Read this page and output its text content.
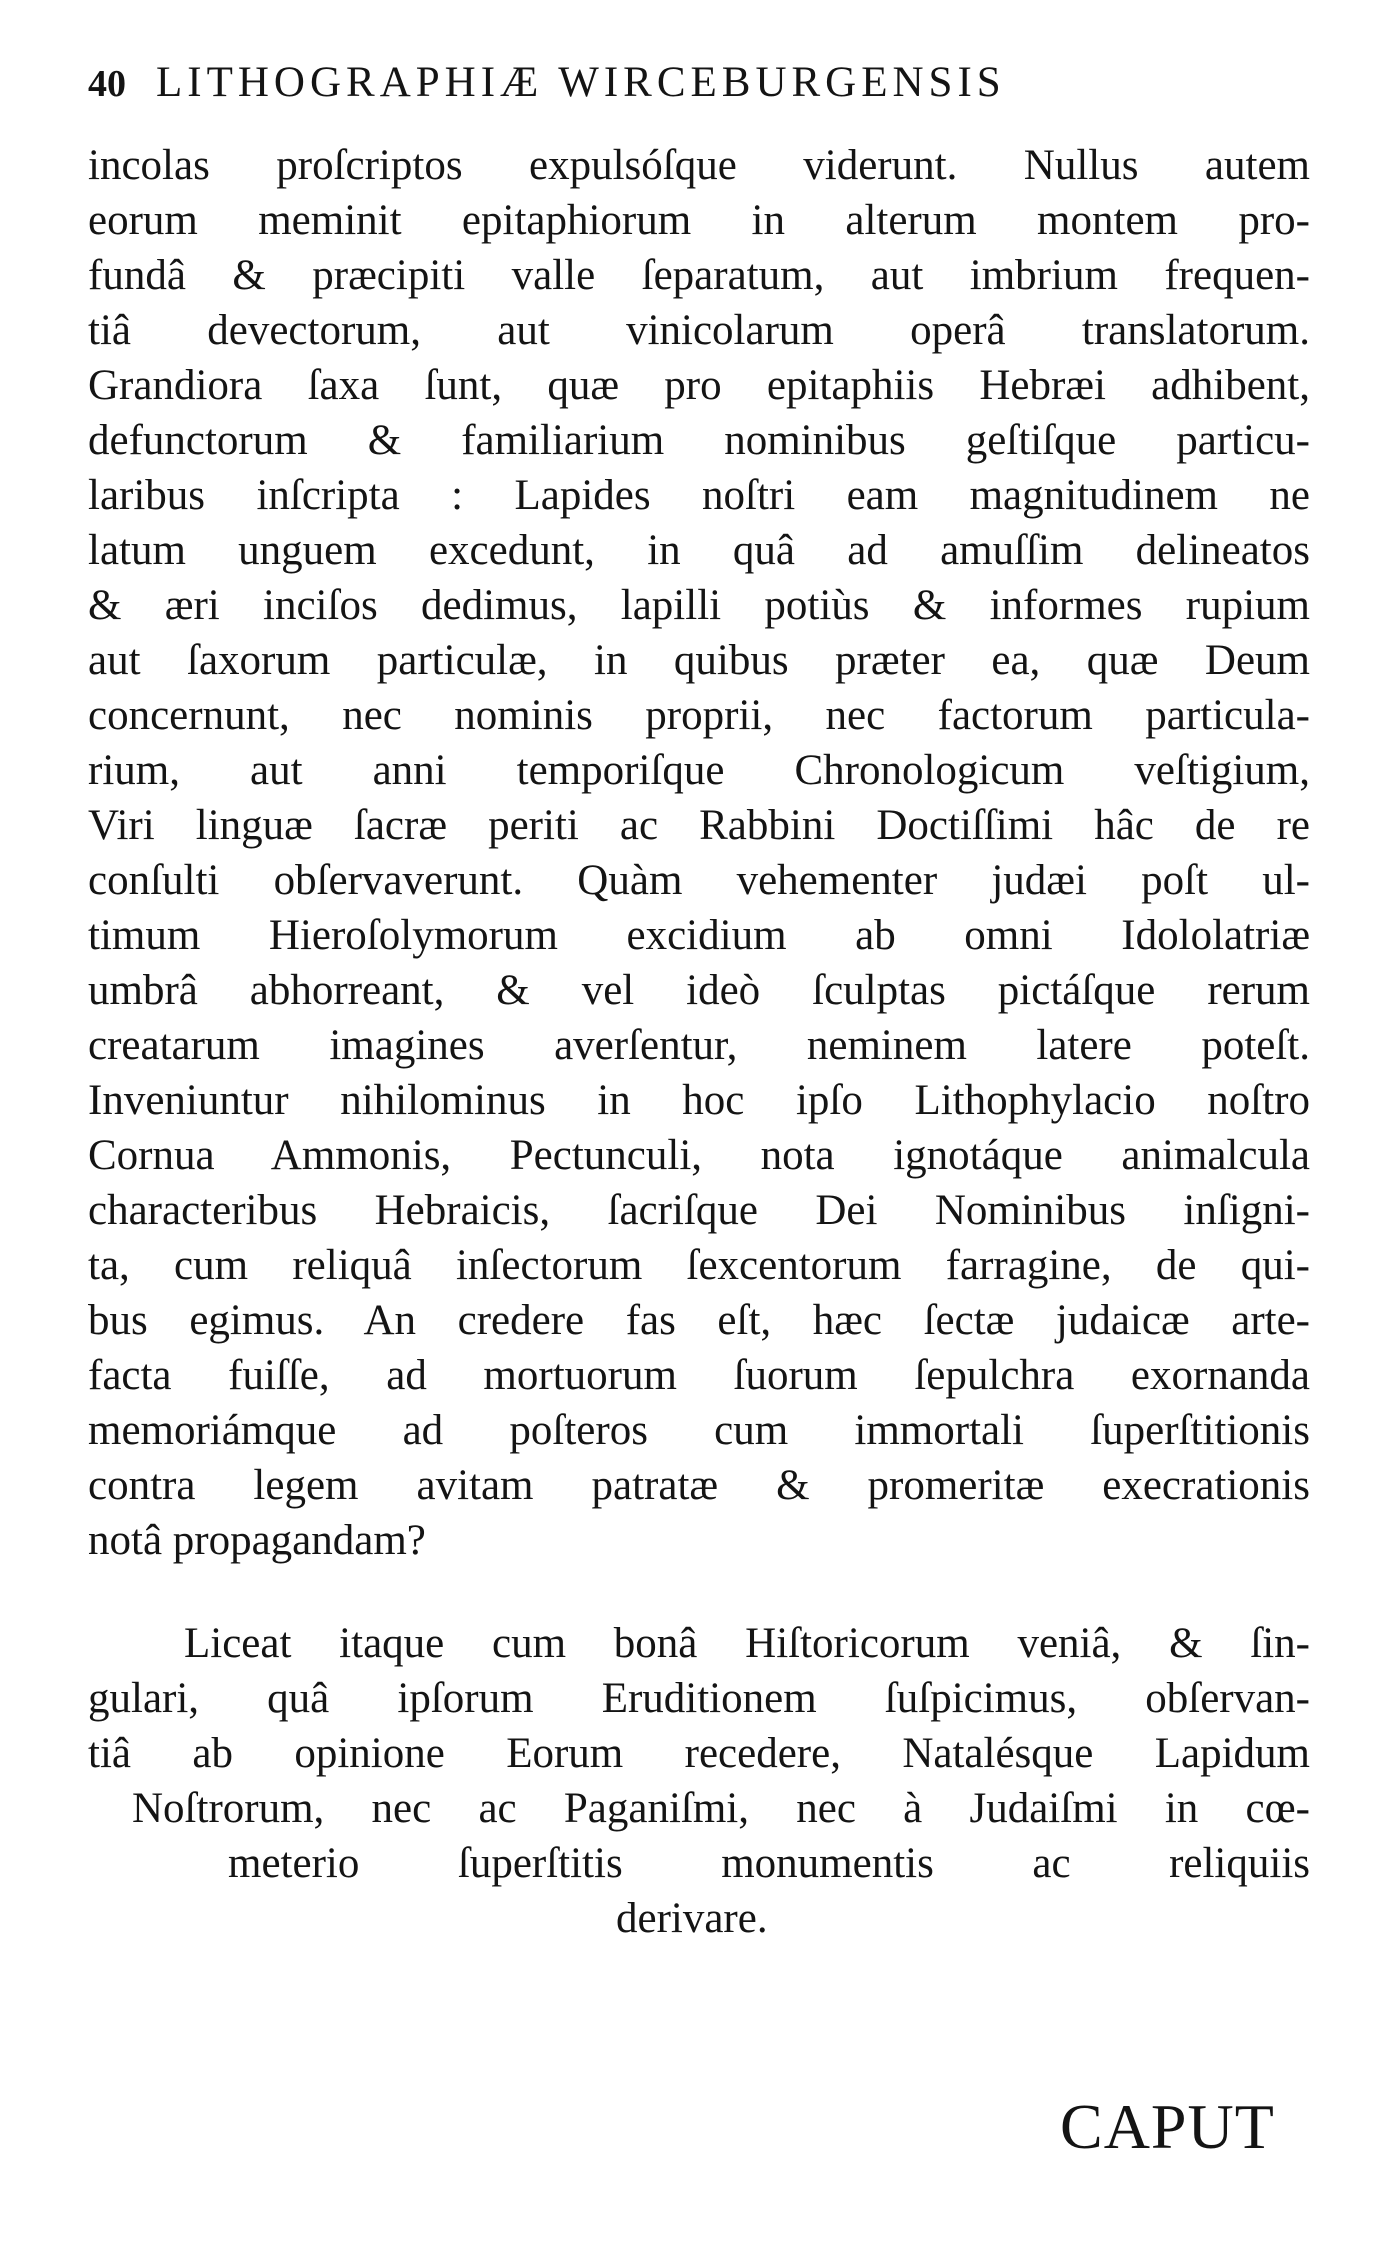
40 LITHOGRAPHIÆ WIRCEBURGENSIS
incolas proſcriptos expulsóſque viderunt. Nullus autem
eorum meminit epitaphiorum in alterum montem pro-
fundâ & præcipiti valle ſeparatum, aut imbrium frequen-
tiâ devectorum, aut vinicolarum operâ translatorum.
Grandiora ſaxa ſunt, quæ pro epitaphiis Hebræi adhibent,
defunctorum & familiarium nominibus geſtiſque particu-
laribus inſcripta : Lapides noſtri eam magnitudinem ne
latum unguem excedunt, in quâ ad amuſſim delineatos
& æri inciſos dedimus, lapilli potiùs & informes rupium
aut ſaxorum particulæ, in quibus præter ea, quæ Deum
concernunt, nec nominis proprii, nec factorum particula-
rium, aut anni temporiſque Chronologicum veſtigium,
Viri linguæ ſacræ periti ac Rabbini Doctiſſimi hâc de re
conſulti obſervaverunt. Quàm vehementer judæi poſt ul-
timum Hieroſolymorum excidium ab omni Idololatriæ
umbrâ abhorreant, & vel ideò ſculptas pictáſque rerum
creatarum imagines averſentur, neminem latere poteſt.
Inveniuntur nihilominus in hoc ipſo Lithophylacio noſtro
Cornua Ammonis, Pectunculi, nota ignotáque animalcula
characteribus Hebraicis, ſacriſque Dei Nominibus inſigni-
ta, cum reliquâ inſectorum ſexcentorum farragine, de qui-
bus egimus. An credere fas eſt, hæc ſectæ judaicæ arte-
facta fuiſſe, ad mortuorum ſuorum ſepulchra exornanda
memoriámque ad poſteros cum immortali ſuperſtitionis
contra legem avitam patratæ & promeritæ execrationis
notâ propagandam?
Liceat itaque cum bonâ Hiſtoricorum veniâ, & ſin-
gulari, quâ ipſorum Eruditionem ſuſpicimus, obſervan-
tiâ ab opinione Eorum recedere, Natalésque Lapidum
Noſtrorum, nec ac Paganiſmi, nec à Judaiſmi in cœ-
meterio ſuperſtitis monumentis ac reliquiis
derivare.
CAPUT
